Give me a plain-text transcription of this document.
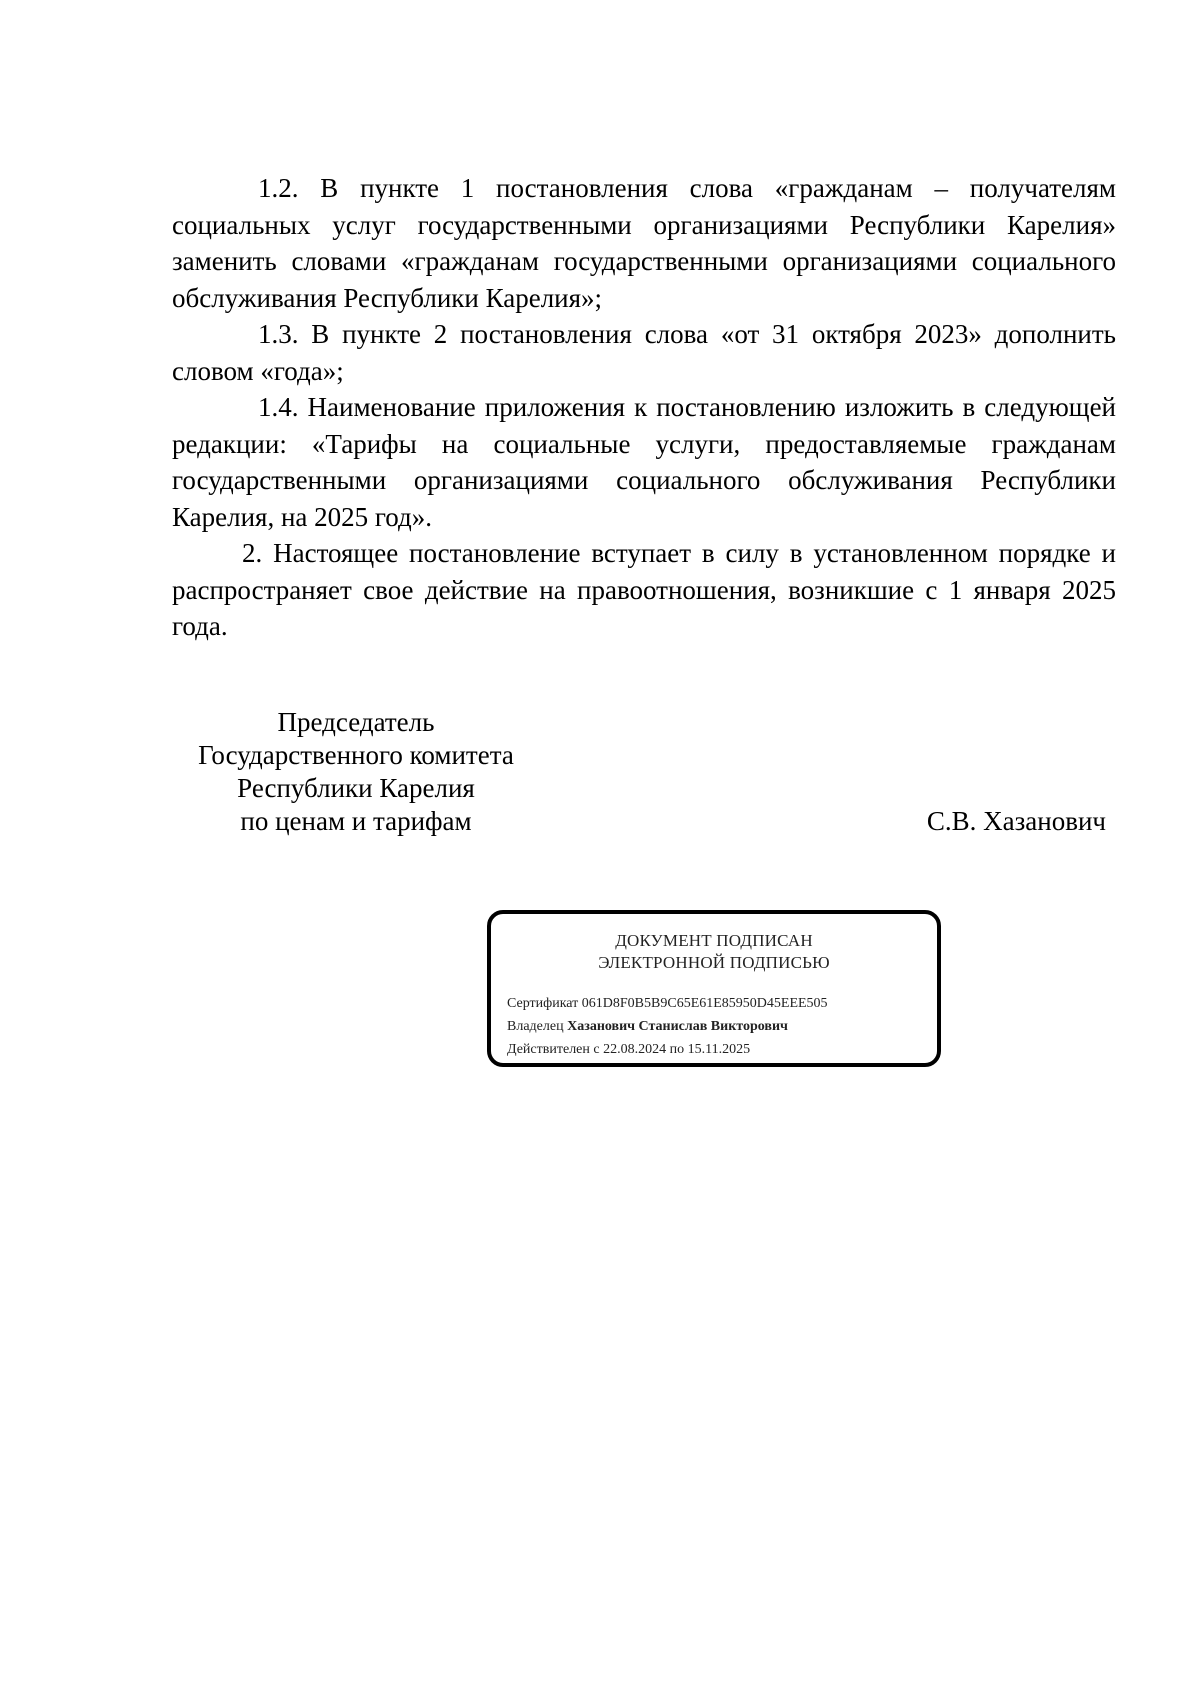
1.2. В пункте 1 постановления слова «гражданам – получателям социальных услуг государственными организациями Республики Карелия» заменить словами «гражданам государственными организациями социального обслуживания Республики Карелия»;

1.3. В пункте 2 постановления слова «от 31 октября 2023» дополнить словом «года»;

1.4. Наименование приложения к постановлению изложить в следующей редакции: «Тарифы на социальные услуги, предоставляемые гражданам государственными организациями социального обслуживания Республики Карелия, на 2025 год».

2. Настоящее постановление вступает в силу в установленном порядке и распространяет свое действие на правоотношения, возникшие с 1 января 2025 года.

Председатель
Государственного комитета
Республики Карелия
по ценам и тарифам	С.В. Хазанович
ДОКУМЕНТ ПОДПИСАН
ЭЛЕКТРОННОЙ ПОДПИСЬЮ
Сертификат 061D8F0B5B9C65E61E85950D45EEE505
Владелец Хазанович Станислав Викторович
Действителен с 22.08.2024 по 15.11.2025
